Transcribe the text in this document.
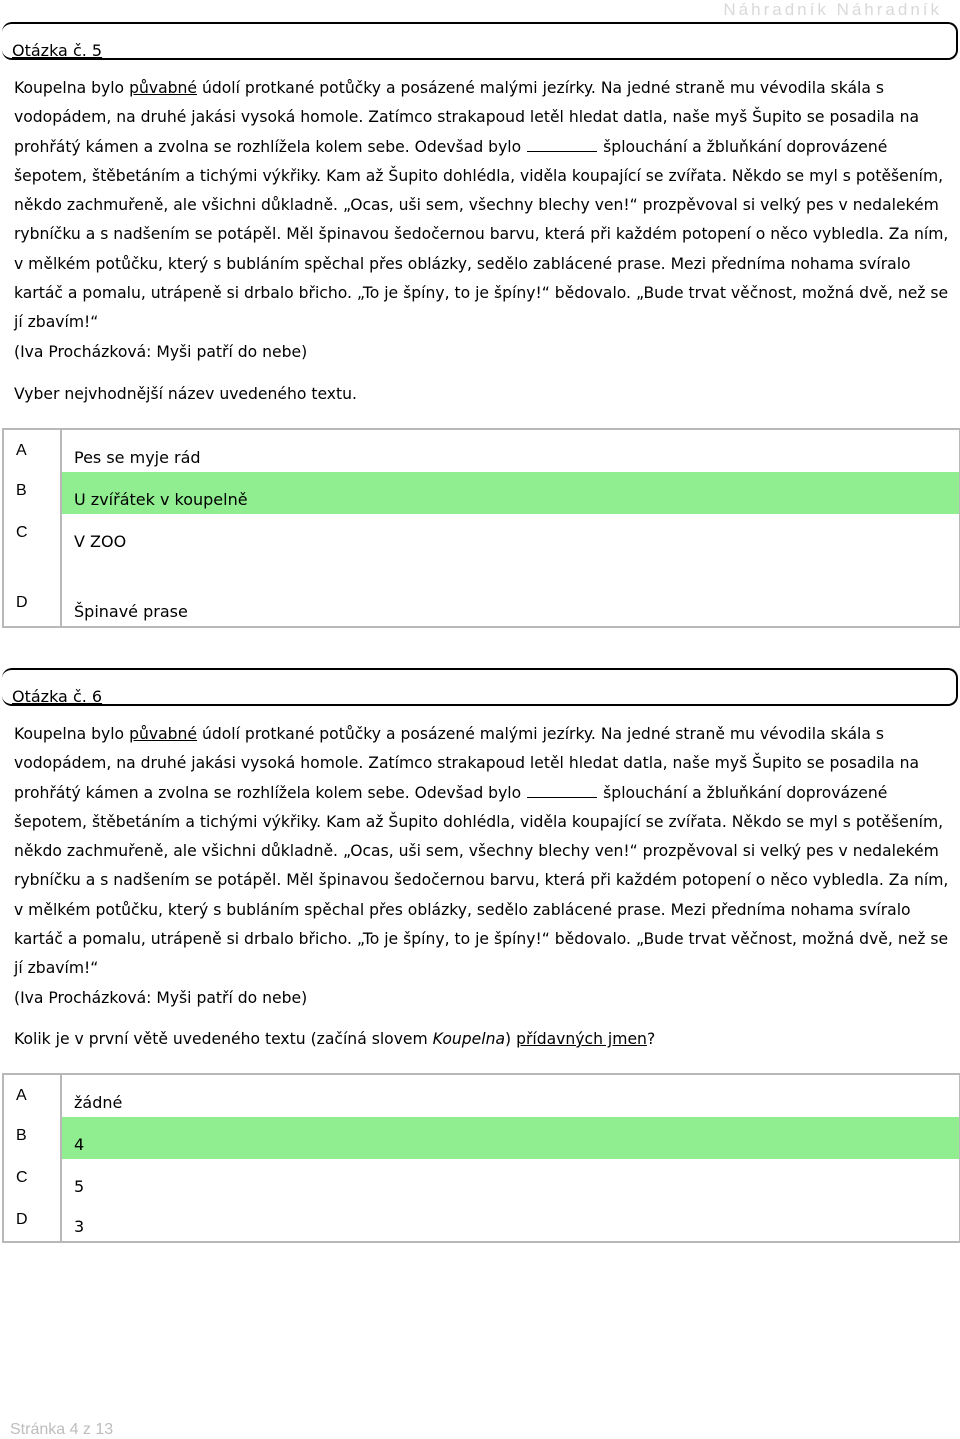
Náhradník Náhradník
Otázka č. 5
Koupelna bylo půvabné údolí protkané potůčky a posázené malými jezírky. Na jedné straně mu vévodila skála s vodopádem, na druhé jakási vysoká homole. Zatímco strakapoud letěl hledat datla, naše myš Šupito se posadila na prohřátý kámen a zvolna se rozhlížela kolem sebe. Odevšad bylo	šplouchání a žbluňkání doprovázené šepotem, štěbetáním a tichými výkřiky. Kam až Šupito dohlédla, viděla koupající se zvířata. Někdo se myl s potěšením, někdo zachmuřeně, ale všichni důkladně. „Ocas, uši sem, všechny blechy ven!“ prozpěvoval si velký pes v nedalekém rybníčku a s nadšením se potápěl. Měl špinavou šedočernou barvu, která při každém potopení o něco vybledla. Za ním, v mělkém potůčku, který s bubláním spěchal přes oblázky, sedělo zablácené prase. Mezi předníma nohama svíralo kartáč a pomalu, utrápeně si drbalo břicho. „To je špíny, to je špíny!“ bědovalo. „Bude trvat věčnost, možná dvě, než se jí zbavím!“
(Iva Procházková: Myši patří do nebe)
Vyber nejvhodnější název uvedeného textu.
A
B
C
D
Pes se myje rád
U zvířátek v koupelně
V ZOO
Špinavé prase
Otázka č. 6
Koupelna bylo půvabné údolí protkané potůčky a posázené malými jezírky. Na jedné straně mu vévodila skála s vodopádem, na druhé jakási vysoká homole. Zatímco strakapoud letěl hledat datla, naše myš Šupito se posadila na prohřátý kámen a zvolna se rozhlížela kolem sebe. Odevšad bylo	šplouchání a žbluňkání doprovázené šepotem, štěbetáním a tichými výkřiky. Kam až Šupito dohlédla, viděla koupající se zvířata. Někdo se myl s potěšením, někdo zachmuřeně, ale všichni důkladně. „Ocas, uši sem, všechny blechy ven!“ prozpěvoval si velký pes v nedalekém rybníčku a s nadšením se potápěl. Měl špinavou šedočernou barvu, která při každém potopení o něco vybledla. Za ním, v mělkém potůčku, který s bubláním spěchal přes oblázky, sedělo zablácené prase. Mezi předníma nohama svíralo kartáč a pomalu, utrápeně si drbalo břicho. „To je špíny, to je špíny!“ bědovalo. „Bude trvat věčnost, možná dvě, než se jí zbavím!“
(Iva Procházková: Myši patří do nebe)
Kolik je v první větě uvedeného textu (začíná slovem Koupelna) přídavných jmen?
A
B
C
D
žádné
4
5
3
Stránka 4 z 13
